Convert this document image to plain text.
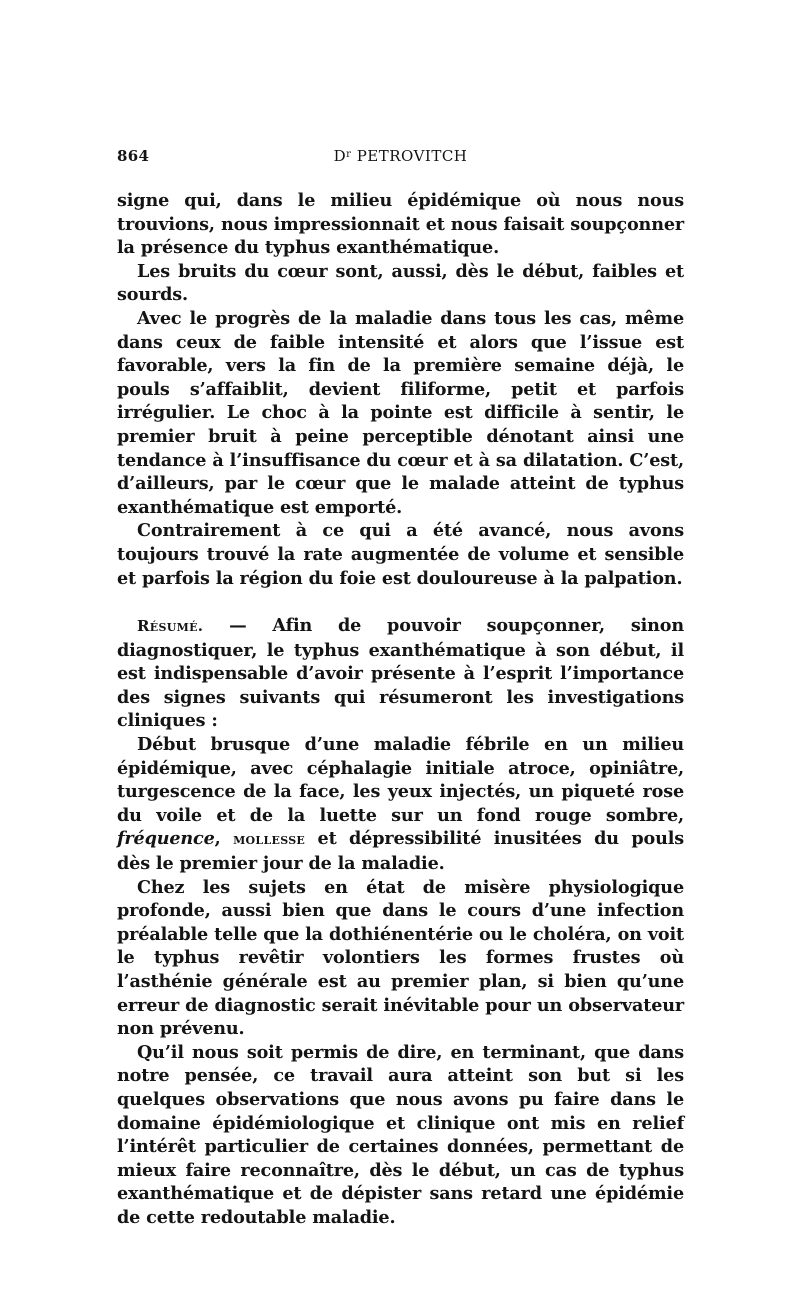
864	$D^r$ PETROVITCH

signe qui, dans le milieu épidémique où nous nous trouvions, nous impressionnait et nous faisait soupçonner la présence du typhus exanthématique.

Les bruits du cœur sont, aussi, dès le début, faibles et sourds.

Avec le progrès de la maladie dans tous les cas, même dans ceux de faible intensité et alors que l’issue est favorable, vers la fin de la première semaine déjà, le pouls s’affaiblit, devient filiforme, petit et parfois irrégulier. Le choc à la pointe est difficile à sentir, le premier bruit à peine perceptible dénotant ainsi une tendance à l’insuffisance du cœur et à sa dilatation. C’est, d’ailleurs, par le cœur que le malade atteint de typhus exanthématique est emporté.

Contrairement à ce qui a été avancé, nous avons toujours trouvé la rate augmentée de volume et sensible et parfois la région du foie est douloureuse à la palpation.

Résumé. — Afin de pouvoir soupçonner, sinon diagnostiquer, le typhus exanthématique à son début, il est indispensable d’avoir présente à l’esprit l’importance des signes suivants qui résumeront les investigations cliniques :

Début brusque d’une maladie fébrile en un milieu épidémique, avec céphalagie initiale atroce, opiniâtre, turgescence de la face, les yeux injectés, un piqueté rose du voile et de la luette sur un fond rouge sombre, fréquence, mollesse et dépressibilité inusitées du pouls dès le premier jour de la maladie.

Chez les sujets en état de misère physiologique profonde, aussi bien que dans le cours d’une infection préalable telle que la dothiénentérie ou le choléra, on voit le typhus revêtir volontiers les formes frustes où l’asthénie générale est au premier plan, si bien qu’une erreur de diagnostic serait inévitable pour un observateur non prévenu.

Qu’il nous soit permis de dire, en terminant, que dans notre pensée, ce travail aura atteint son but si les quelques observations que nous avons pu faire dans le domaine épidémiologique et clinique ont mis en relief l’intérêt particulier de certaines données, permettant de mieux faire reconnaître, dès le début, un cas de typhus exanthématique et de dépister sans retard une épidémie de cette redoutable maladie.
